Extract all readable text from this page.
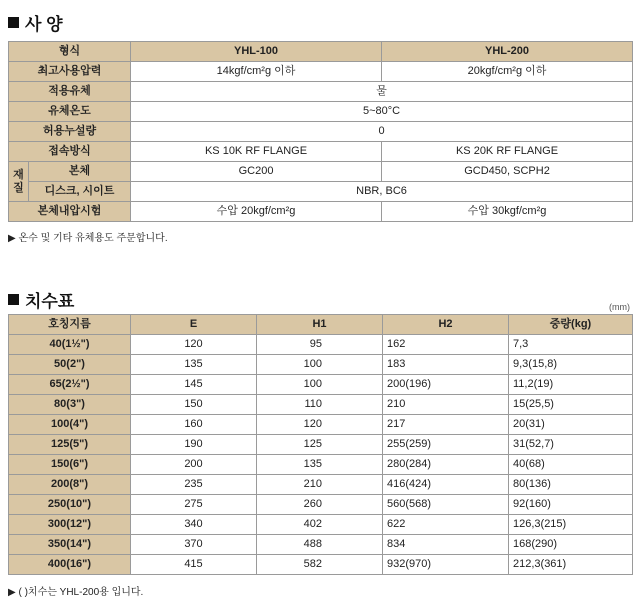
사 양
형식		YHL-100	YHL-200
최고사용압력		14kgf/cm²g 이하	20kgf/cm²g 이하
적용유체		물	
유체온도		5~80°C	
허용누설량		0	
접속방식		KS 10K RF FLANGE	KS 20K RF FLANGE
재 질	본체	GC200	GCD450, SCPH2
	디스크, 시이트	NBR, BC6	
본체내압시험		수압 20kgf/cm²g	수압 30kgf/cm²g
▶ 온수 및 기타 유체용도 주문합니다.
치수표	(mm)
호칭지름	E	H1	H2	중량(kg)
40(1½")	120	95	162	7,3
50(2")	135	100	183	9,3(15,8)
65(2½")	145	100	200(196)	11,2(19)
80(3")	150	110	210	15(25,5)
100(4")	160	120	217	20(31)
125(5")	190	125	255(259)	31(52,7)
150(6")	200	135	280(284)	40(68)
200(8")	235	210	416(424)	80(136)
250(10")	275	260	560(568)	92(160)
300(12")	340	402	622	126,3(215)
350(14")	370	488	834	168(290)
400(16")	415	582	932(970)	212,3(361)
▶ ( )치수는 YHL-200용 입니다.
